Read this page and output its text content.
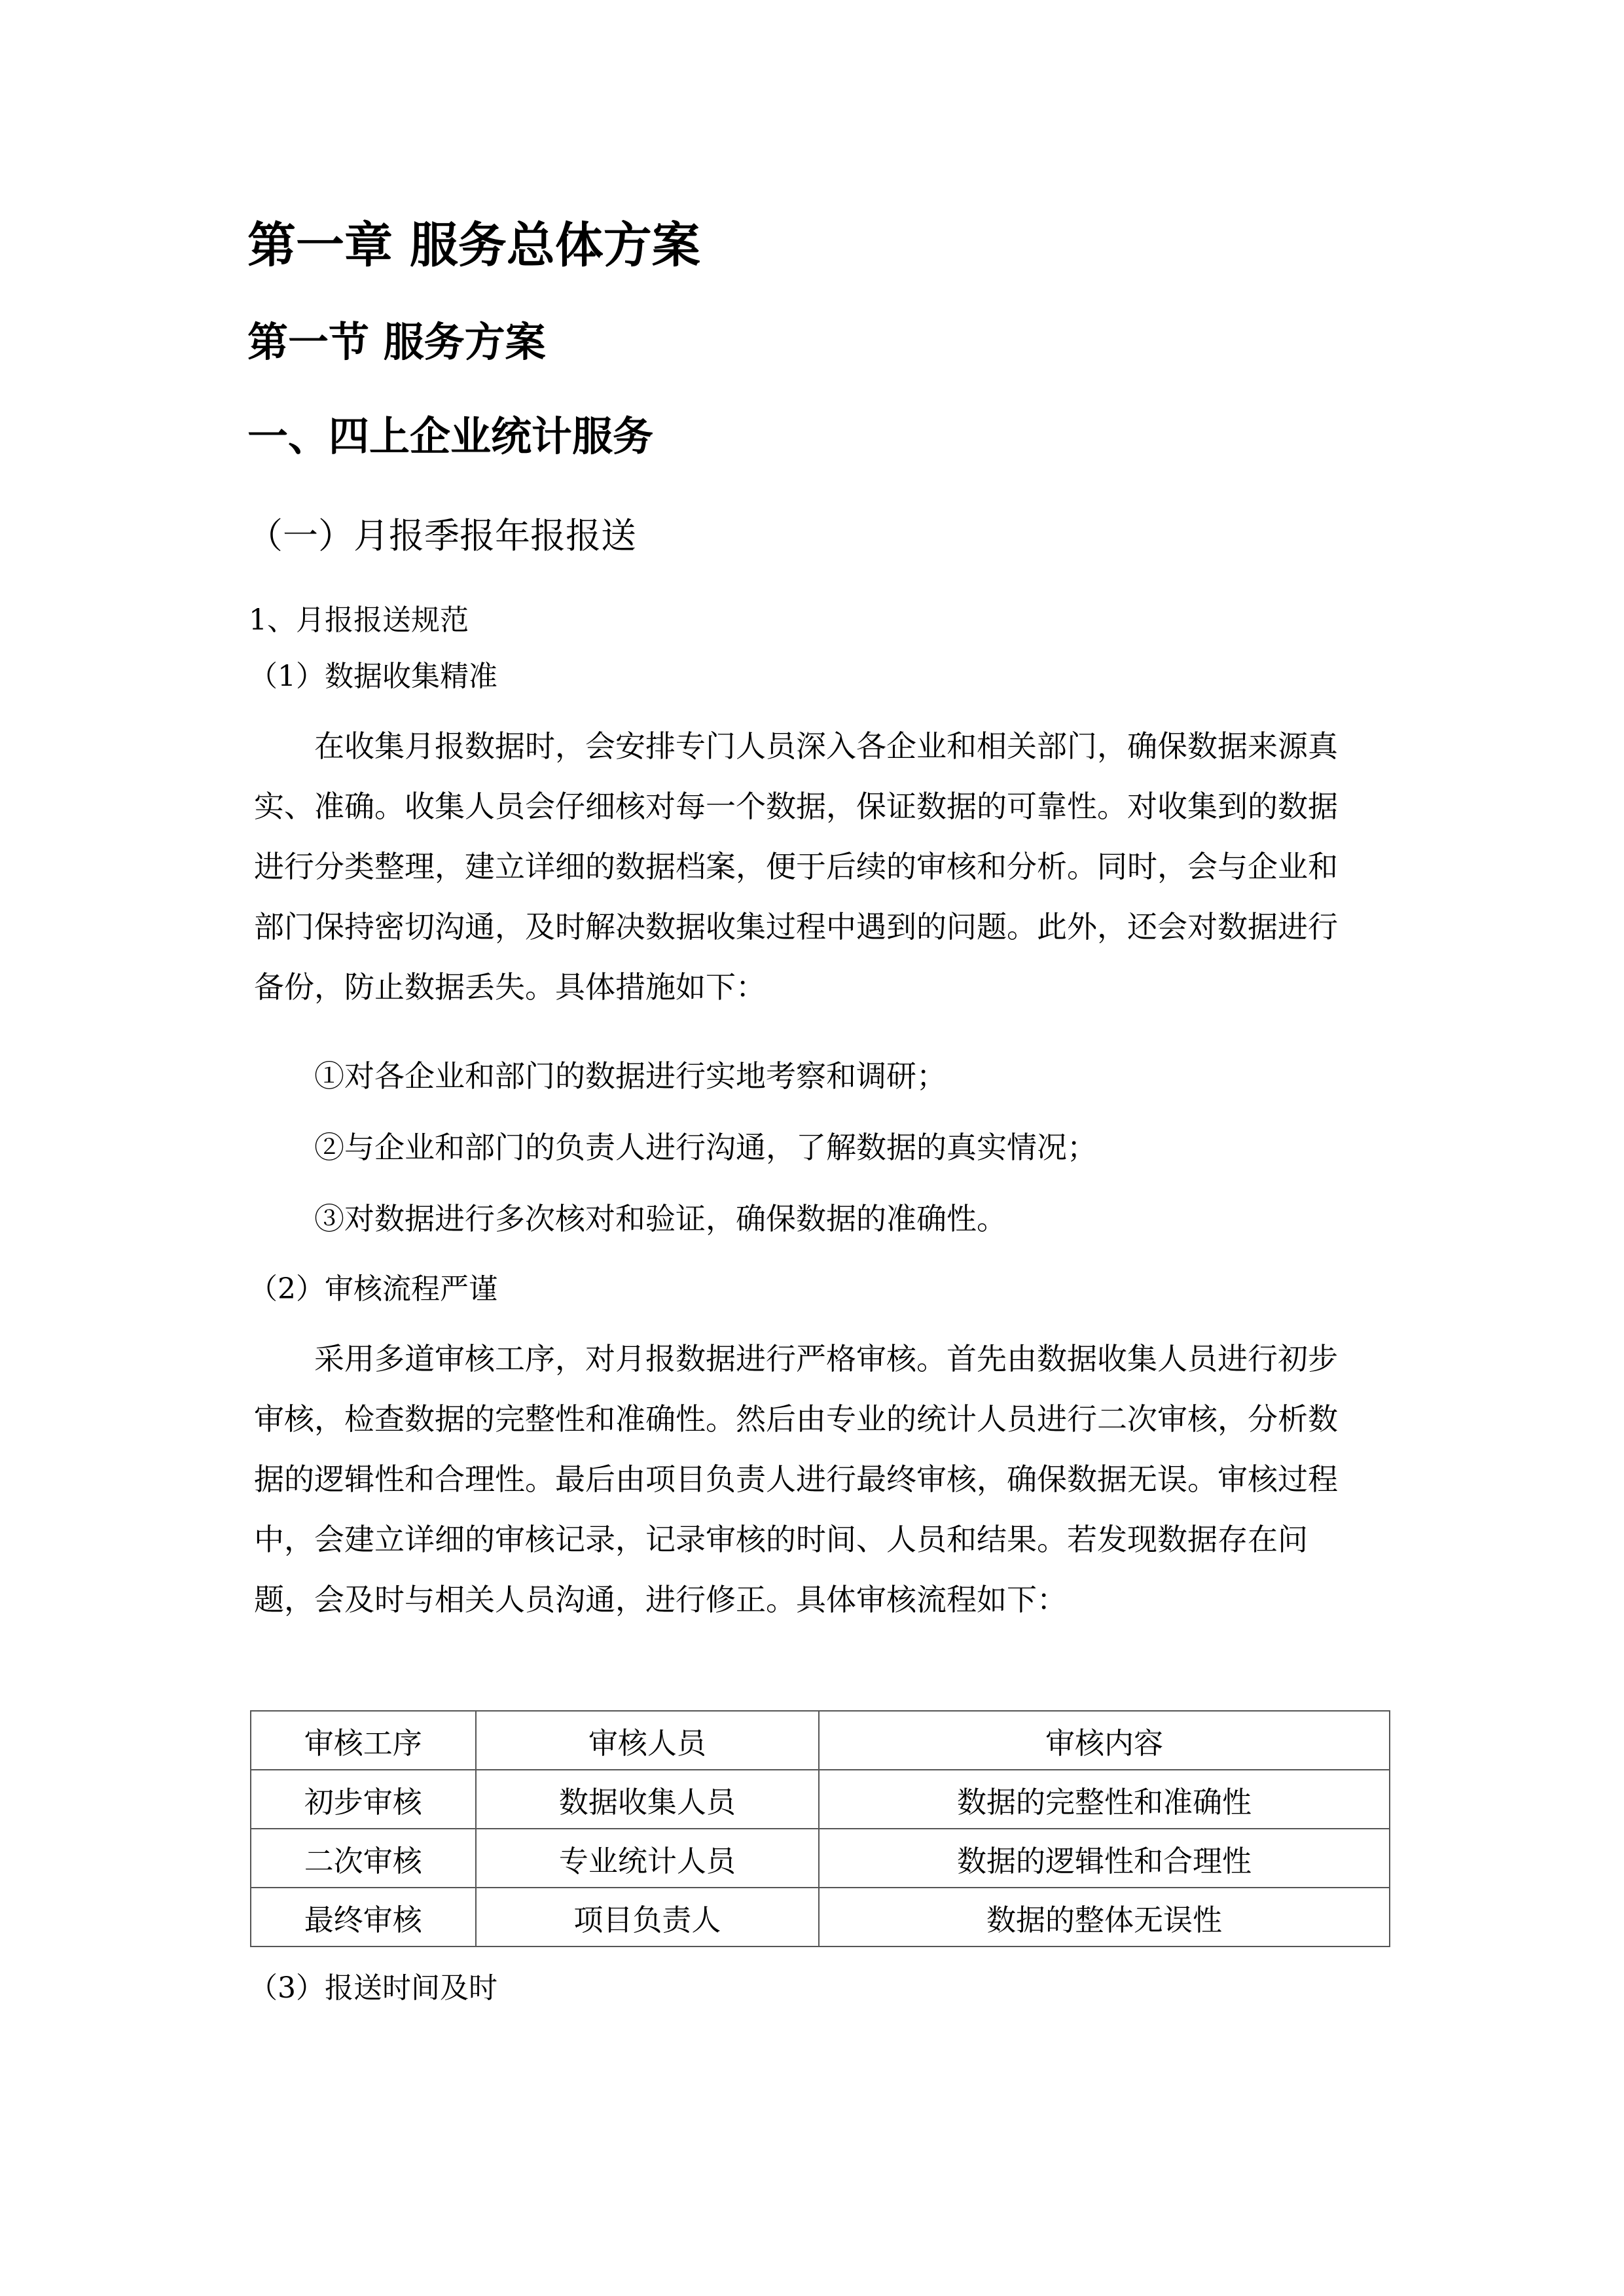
第一章 服务总体方案
第一节 服务方案
一、四上企业统计服务
（一）月报季报年报报送
1、月报报送规范
（1）数据收集精准
在收集月报数据时，会安排专门人员深入各企业和相关部门，确保数据来源真实、准确。收集人员会仔细核对每一个数据，保证数据的可靠性。对收集到的数据进行分类整理，建立详细的数据档案，便于后续的审核和分析。同时，会与企业和部门保持密切沟通，及时解决数据收集过程中遇到的问题。此外，还会对数据进行备份，防止数据丢失。具体措施如下：
①对各企业和部门的数据进行实地考察和调研；
②与企业和部门的负责人进行沟通，了解数据的真实情况；
③对数据进行多次核对和验证，确保数据的准确性。
（2）审核流程严谨
采用多道审核工序，对月报数据进行严格审核。首先由数据收集人员进行初步审核，检查数据的完整性和准确性。然后由专业的统计人员进行二次审核，分析数据的逻辑性和合理性。最后由项目负责人进行最终审核，确保数据无误。审核过程中，会建立详细的审核记录，记录审核的时间、人员和结果。若发现数据存在问题，会及时与相关人员沟通，进行修正。具体审核流程如下：
审核工序	审核人员	审核内容
初步审核	数据收集人员	数据的完整性和准确性
二次审核	专业统计人员	数据的逻辑性和合理性
最终审核	项目负责人	数据的整体无误性
（3）报送时间及时
